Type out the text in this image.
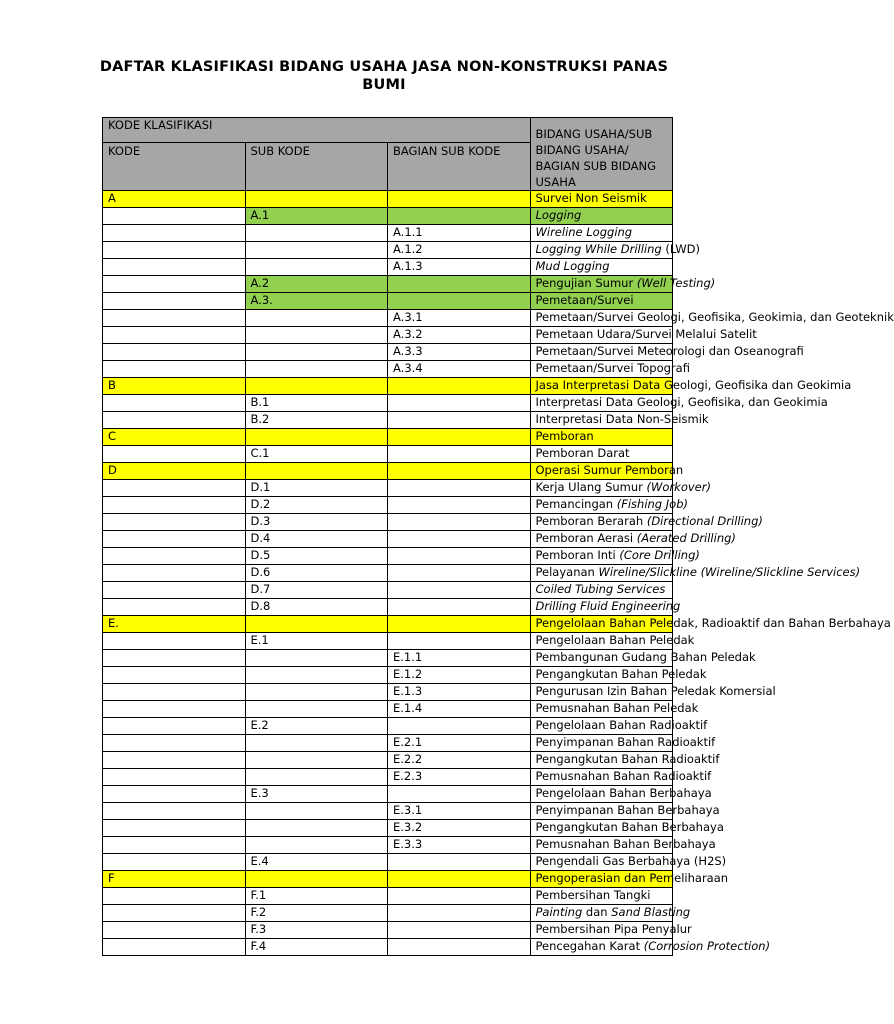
DAFTAR KLASIFIKASI BIDANG USAHA JASA NON-KONSTRUKSI PANAS
BUMI
KODE KLASIFIKASI			BIDANG USAHA/SUB BIDANG USAHA/ BAGIAN SUB BIDANG USAHA
KODE	SUB KODE	BAGIAN SUB KODE	
A			Survei Non Seismik
	A.1		Logging
		A.1.1	Wireline Logging
		A.1.2	Logging While Drilling (LWD)
		A.1.3	Mud Logging
	A.2		Pengujian Sumur (Well Testing)
	A.3.		Pemetaan/Survei
		A.3.1	Pemetaan/Survei Geologi, Geofisika, Geokimia, dan Geoteknik
		A.3.2	Pemetaan Udara/Survei Melalui Satelit
		A.3.3	Pemetaan/Survei Meteorologi dan Oseanografi
		A.3.4	Pemetaan/Survei Topografi
B			Jasa Interpretasi Data Geologi, Geofisika dan Geokimia
	B.1		Interpretasi Data Geologi, Geofisika, dan Geokimia
	B.2		Interpretasi Data Non-Seismik
C			Pemboran
	C.1		Pemboran Darat
D			Operasi Sumur Pemboran
	D.1		Kerja Ulang Sumur (Workover)
	D.2		Pemancingan (Fishing Job)
	D.3		Pemboran Berarah (Directional Drilling)
	D.4		Pemboran Aerasi (Aerated Drilling)
	D.5		Pemboran Inti (Core Drilling)
	D.6		Pelayanan Wireline/Slickline (Wireline/Slickline Services)
	D.7		Coiled Tubing Services
	D.8		Drilling Fluid Engineering
E.			Pengelolaan Bahan Peledak, Radioaktif dan Bahan Berbahaya
	E.1		Pengelolaan Bahan Peledak
		E.1.1	Pembangunan Gudang Bahan Peledak
		E.1.2	Pengangkutan Bahan Peledak
		E.1.3	Pengurusan Izin Bahan Peledak Komersial
		E.1.4	Pemusnahan Bahan Peledak
	E.2		Pengelolaan Bahan Radioaktif
		E.2.1	Penyimpanan Bahan Radioaktif
		E.2.2	Pengangkutan Bahan Radioaktif
		E.2.3	Pemusnahan Bahan Radioaktif
	E.3		Pengelolaan Bahan Berbahaya
		E.3.1	Penyimpanan Bahan Berbahaya
		E.3.2	Pengangkutan Bahan Berbahaya
		E.3.3	Pemusnahan Bahan Berbahaya
	E.4		Pengendali Gas Berbahaya (H2S)
F			Pengoperasian dan Pemeliharaan
	F.1		Pembersihan Tangki
	F.2		Painting dan Sand Blasting
	F.3		Pembersihan Pipa Penyalur
	F.4		Pencegahan Karat (Corrosion Protection)
